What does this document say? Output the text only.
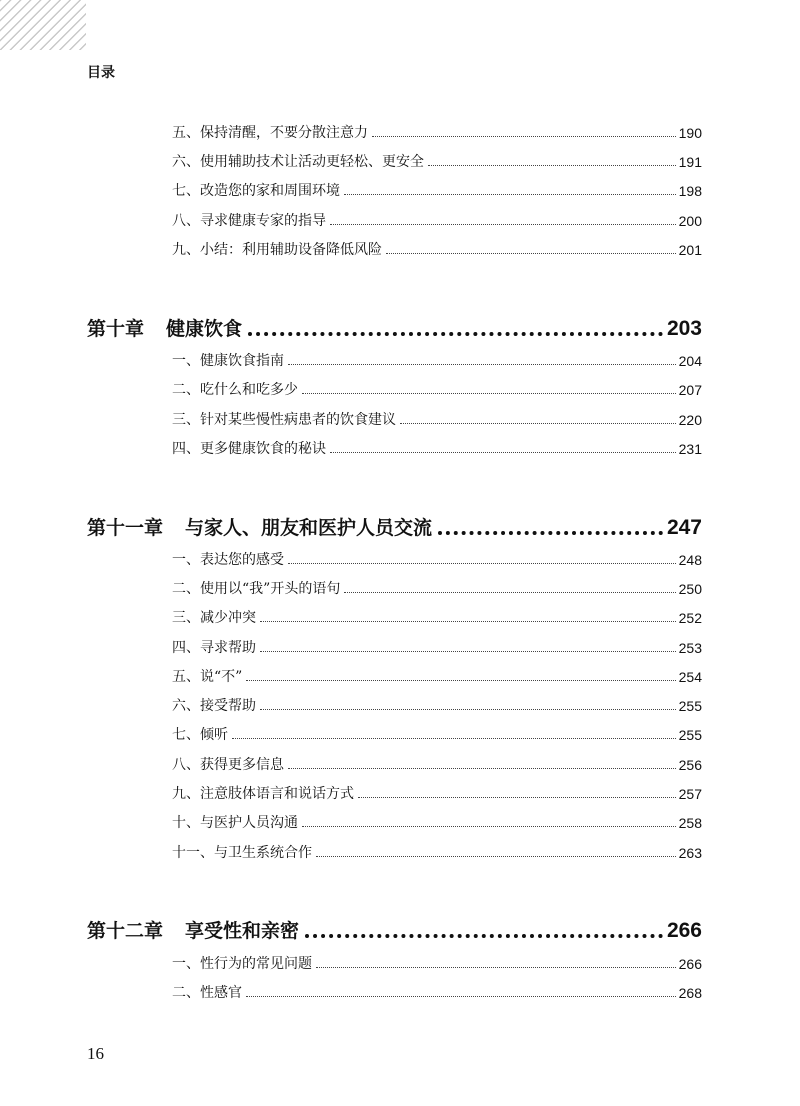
目录
五、保持清醒，不要分散注意力	190
六、使用辅助技术让活动更轻松、更安全	191
七、改造您的家和周围环境	198
八、寻求健康专家的指导	200
九、小结：利用辅助设备降低风险	201
第十章	健康饮食	203
一、健康饮食指南	204
二、吃什么和吃多少	207
三、针对某些慢性病患者的饮食建议	220
四、更多健康饮食的秘诀	231
第十一章	与家人、朋友和医护人员交流	247
一、表达您的感受	248
二、使用以“我”开头的语句	250
三、减少冲突	252
四、寻求帮助	253
五、说“不”	254
六、接受帮助	255
七、倾听	255
八、获得更多信息	256
九、注意肢体语言和说话方式	257
十、与医护人员沟通	258
十一、与卫生系统合作	263
第十二章	享受性和亲密	266
一、性行为的常见问题	266
二、性感官	268
16
